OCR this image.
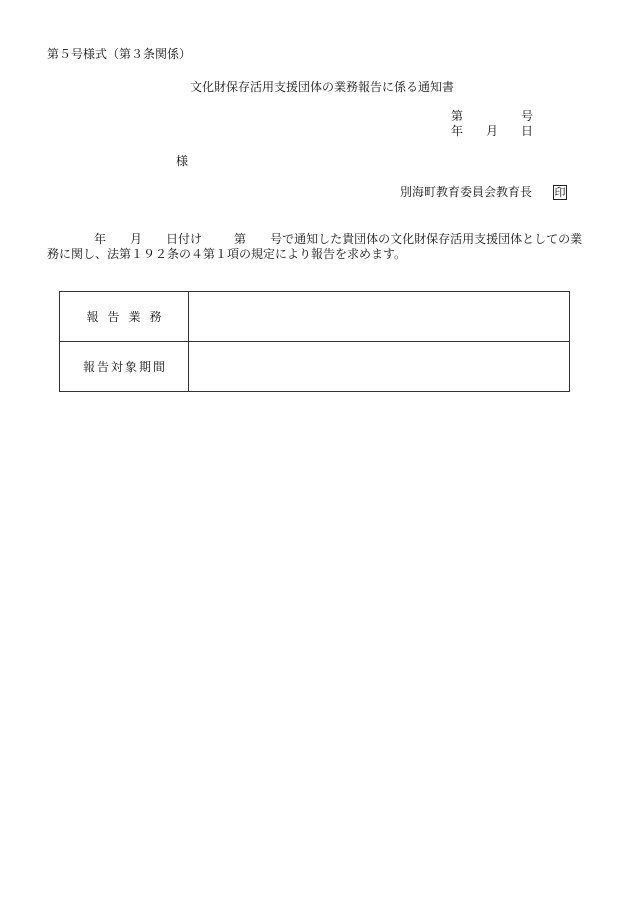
第５号様式（第３条関係）
文化財保存活用支援団体の業務報告に係る通知書
第	号
年 月 日
様
別海町教育委員会教育長 印
年 月 日付け	第 号で通知した貴団体の文化財保存活用支援団体としての業
務に関し、法第１９２条の４第１項の規定により報告を求めます。
報告業務	
報告対象期間	
